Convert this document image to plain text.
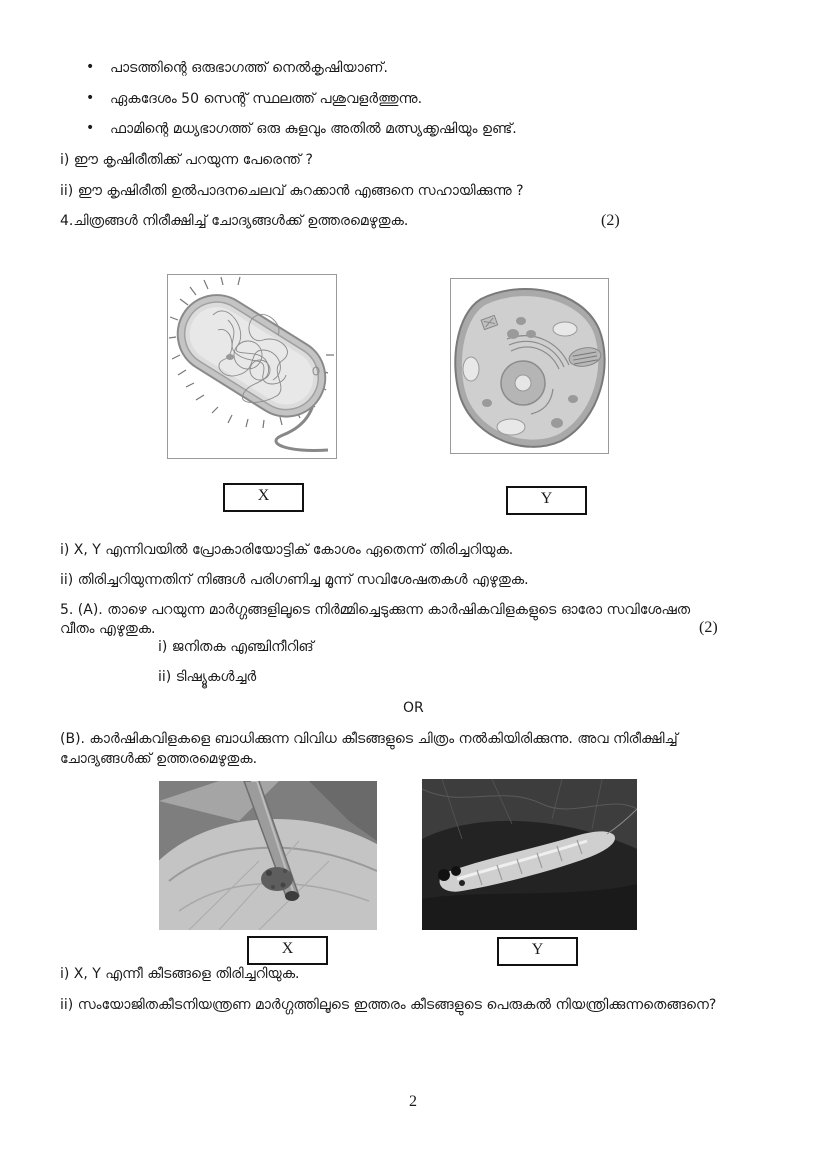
• പാടത്തിന്റെ ഒരുഭാഗത്ത് നെൽകൃഷിയാണ്.
• ഏകദേശം 50 സെന്റ് സ്ഥലത്ത് പശുവളർത്തുന്നു.
• ഫാമിന്റെ മധ്യഭാഗത്ത് ഒരു കുളവും അതിൽ മത്സ്യക്കൃഷിയും ഉണ്ട്.
i) ഈ കൃഷിരീതിക്ക് പറയുന്ന പേരെന്ത് ?
ii) ഈ കൃഷിരീതി ഉൽപാദനചെലവ് കുറക്കാൻ എങ്ങനെ സഹായിക്കുന്നു ?
4.ചിത്രങ്ങൾ നിരീക്ഷിച്ച് ചോദ്യങ്ങൾക്ക് ഉത്തരമെഴുതുക.	(2)
X	Y
i) X, Y എന്നിവയിൽ പ്രോകാരിയോട്ടിക് കോശം ഏതെന്ന് തിരിച്ചറിയുക.
ii) തിരിച്ചറിയുന്നതിന് നിങ്ങൾ പരിഗണിച്ച മൂന്ന് സവിശേഷതകൾ എഴുതുക.
5. (A). താഴെ പറയുന്ന മാർഗ്ഗങ്ങളിലൂടെ നിർമ്മിച്ചെടുക്കുന്ന കാർഷികവിളകളുടെ ഓരോ സവിശേഷത
വീതം എഴുതുക.	(2)
i) ജനിതക എഞ്ചിനീറിങ്
ii) ടിഷ്യൂകൾച്ചർ
OR
(B). കാർഷികവിളകളെ ബാധിക്കുന്ന വിവിധ കീടങ്ങളുടെ ചിത്രം നൽകിയിരിക്കുന്നു. അവ നിരീക്ഷിച്ച്
ചോദ്യങ്ങൾക്ക് ഉത്തരമെഴുതുക.
X	Y
i) X, Y എന്നീ കീടങ്ങളെ തിരിച്ചറിയുക.
ii) സംയോജിതകീടനിയന്ത്രണ മാർഗ്ഗത്തിലൂടെ ഇത്തരം കീടങ്ങളുടെ പെരുകൽ നിയന്ത്രിക്കുന്നതെങ്ങനെ?
2
